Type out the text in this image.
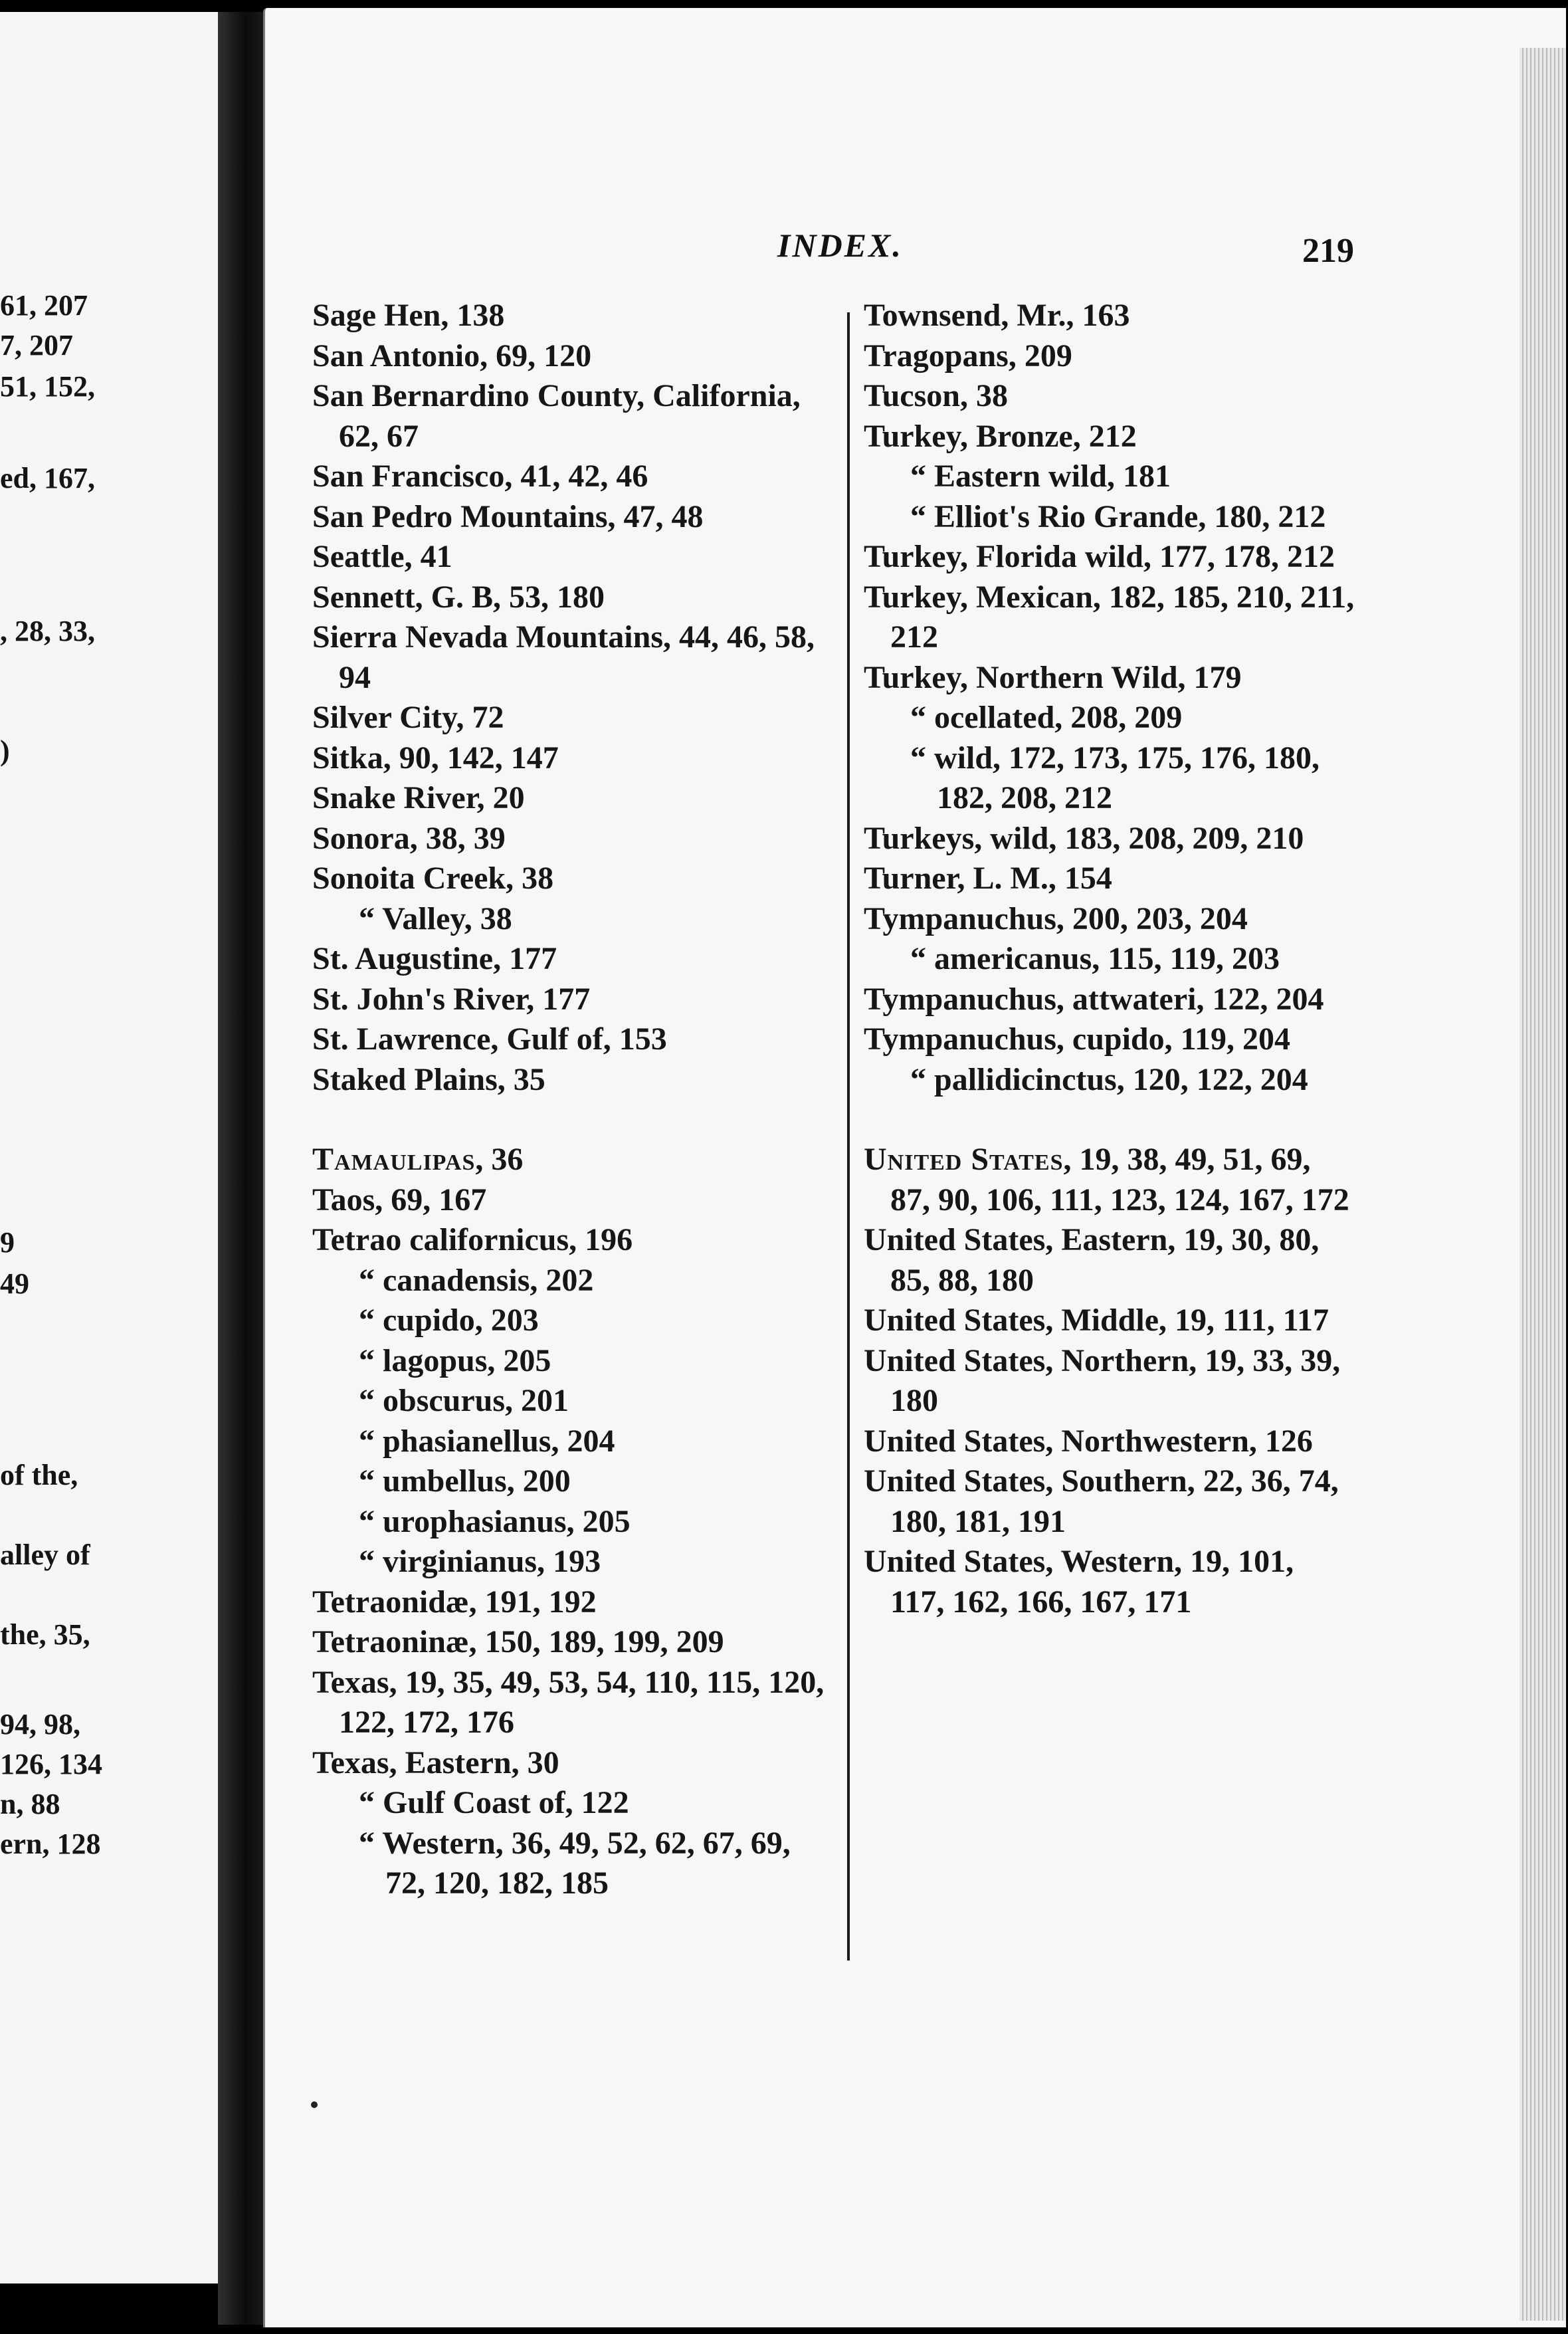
61, 207
7, 207
51, 152,
ed, 167,
, 28, 33,
)
9
49
of the,
alley of
the, 35,
94, 98,
126, 134
n, 88
ern, 128
INDEX.	219

Sage Hen, 138

San Antonio, 69, 120

San Bernardino County, California, 62, 67

San Francisco, 41, 42, 46

San Pedro Mountains, 47, 48

Seattle, 41

Sennett, G. B, 53, 180

Sierra Nevada Mountains, 44, 46, 58, 94

Silver City, 72

Sitka, 90, 142, 147

Snake River, 20

Sonora, 38, 39

Sonoita Creek, 38

“ Valley, 38

St. Augustine, 177

St. John's River, 177

St. Lawrence, Gulf of, 153

Staked Plains, 35

Tamaulipas, 36

Taos, 69, 167

Tetrao californicus, 196

“ canadensis, 202

“ cupido, 203

“ lagopus, 205

“ obscurus, 201

“ phasianellus, 204

“ umbellus, 200

“ urophasianus, 205

“ virginianus, 193

Tetraonidæ, 191, 192

Tetraoninæ, 150, 189, 199, 209

Texas, 19, 35, 49, 53, 54, 110, 115, 120, 122, 172, 176

Texas, Eastern, 30

“ Gulf Coast of, 122

“ Western, 36, 49, 52, 62, 67, 69, 72, 120, 182, 185

Townsend, Mr., 163

Tragopans, 209

Tucson, 38

Turkey, Bronze, 212

“ Eastern wild, 181

“ Elliot's Rio Grande, 180, 212

Turkey, Florida wild, 177, 178, 212

Turkey, Mexican, 182, 185, 210, 211, 212

Turkey, Northern Wild, 179

“ ocellated, 208, 209

“ wild, 172, 173, 175, 176, 180, 182, 208, 212

Turkeys, wild, 183, 208, 209, 210

Turner, L. M., 154

Tympanuchus, 200, 203, 204

“ americanus, 115, 119, 203

Tympanuchus, attwateri, 122, 204

Tympanuchus, cupido, 119, 204

“ pallidicinctus, 120, 122, 204

United States, 19, 38, 49, 51, 69, 87, 90, 106, 111, 123, 124, 167, 172

United States, Eastern, 19, 30, 80, 85, 88, 180

United States, Middle, 19, 111, 117

United States, Northern, 19, 33, 39, 180

United States, Northwestern, 126

United States, Southern, 22, 36, 74, 180, 181, 191

United States, Western, 19, 101, 117, 162, 166, 167, 171
